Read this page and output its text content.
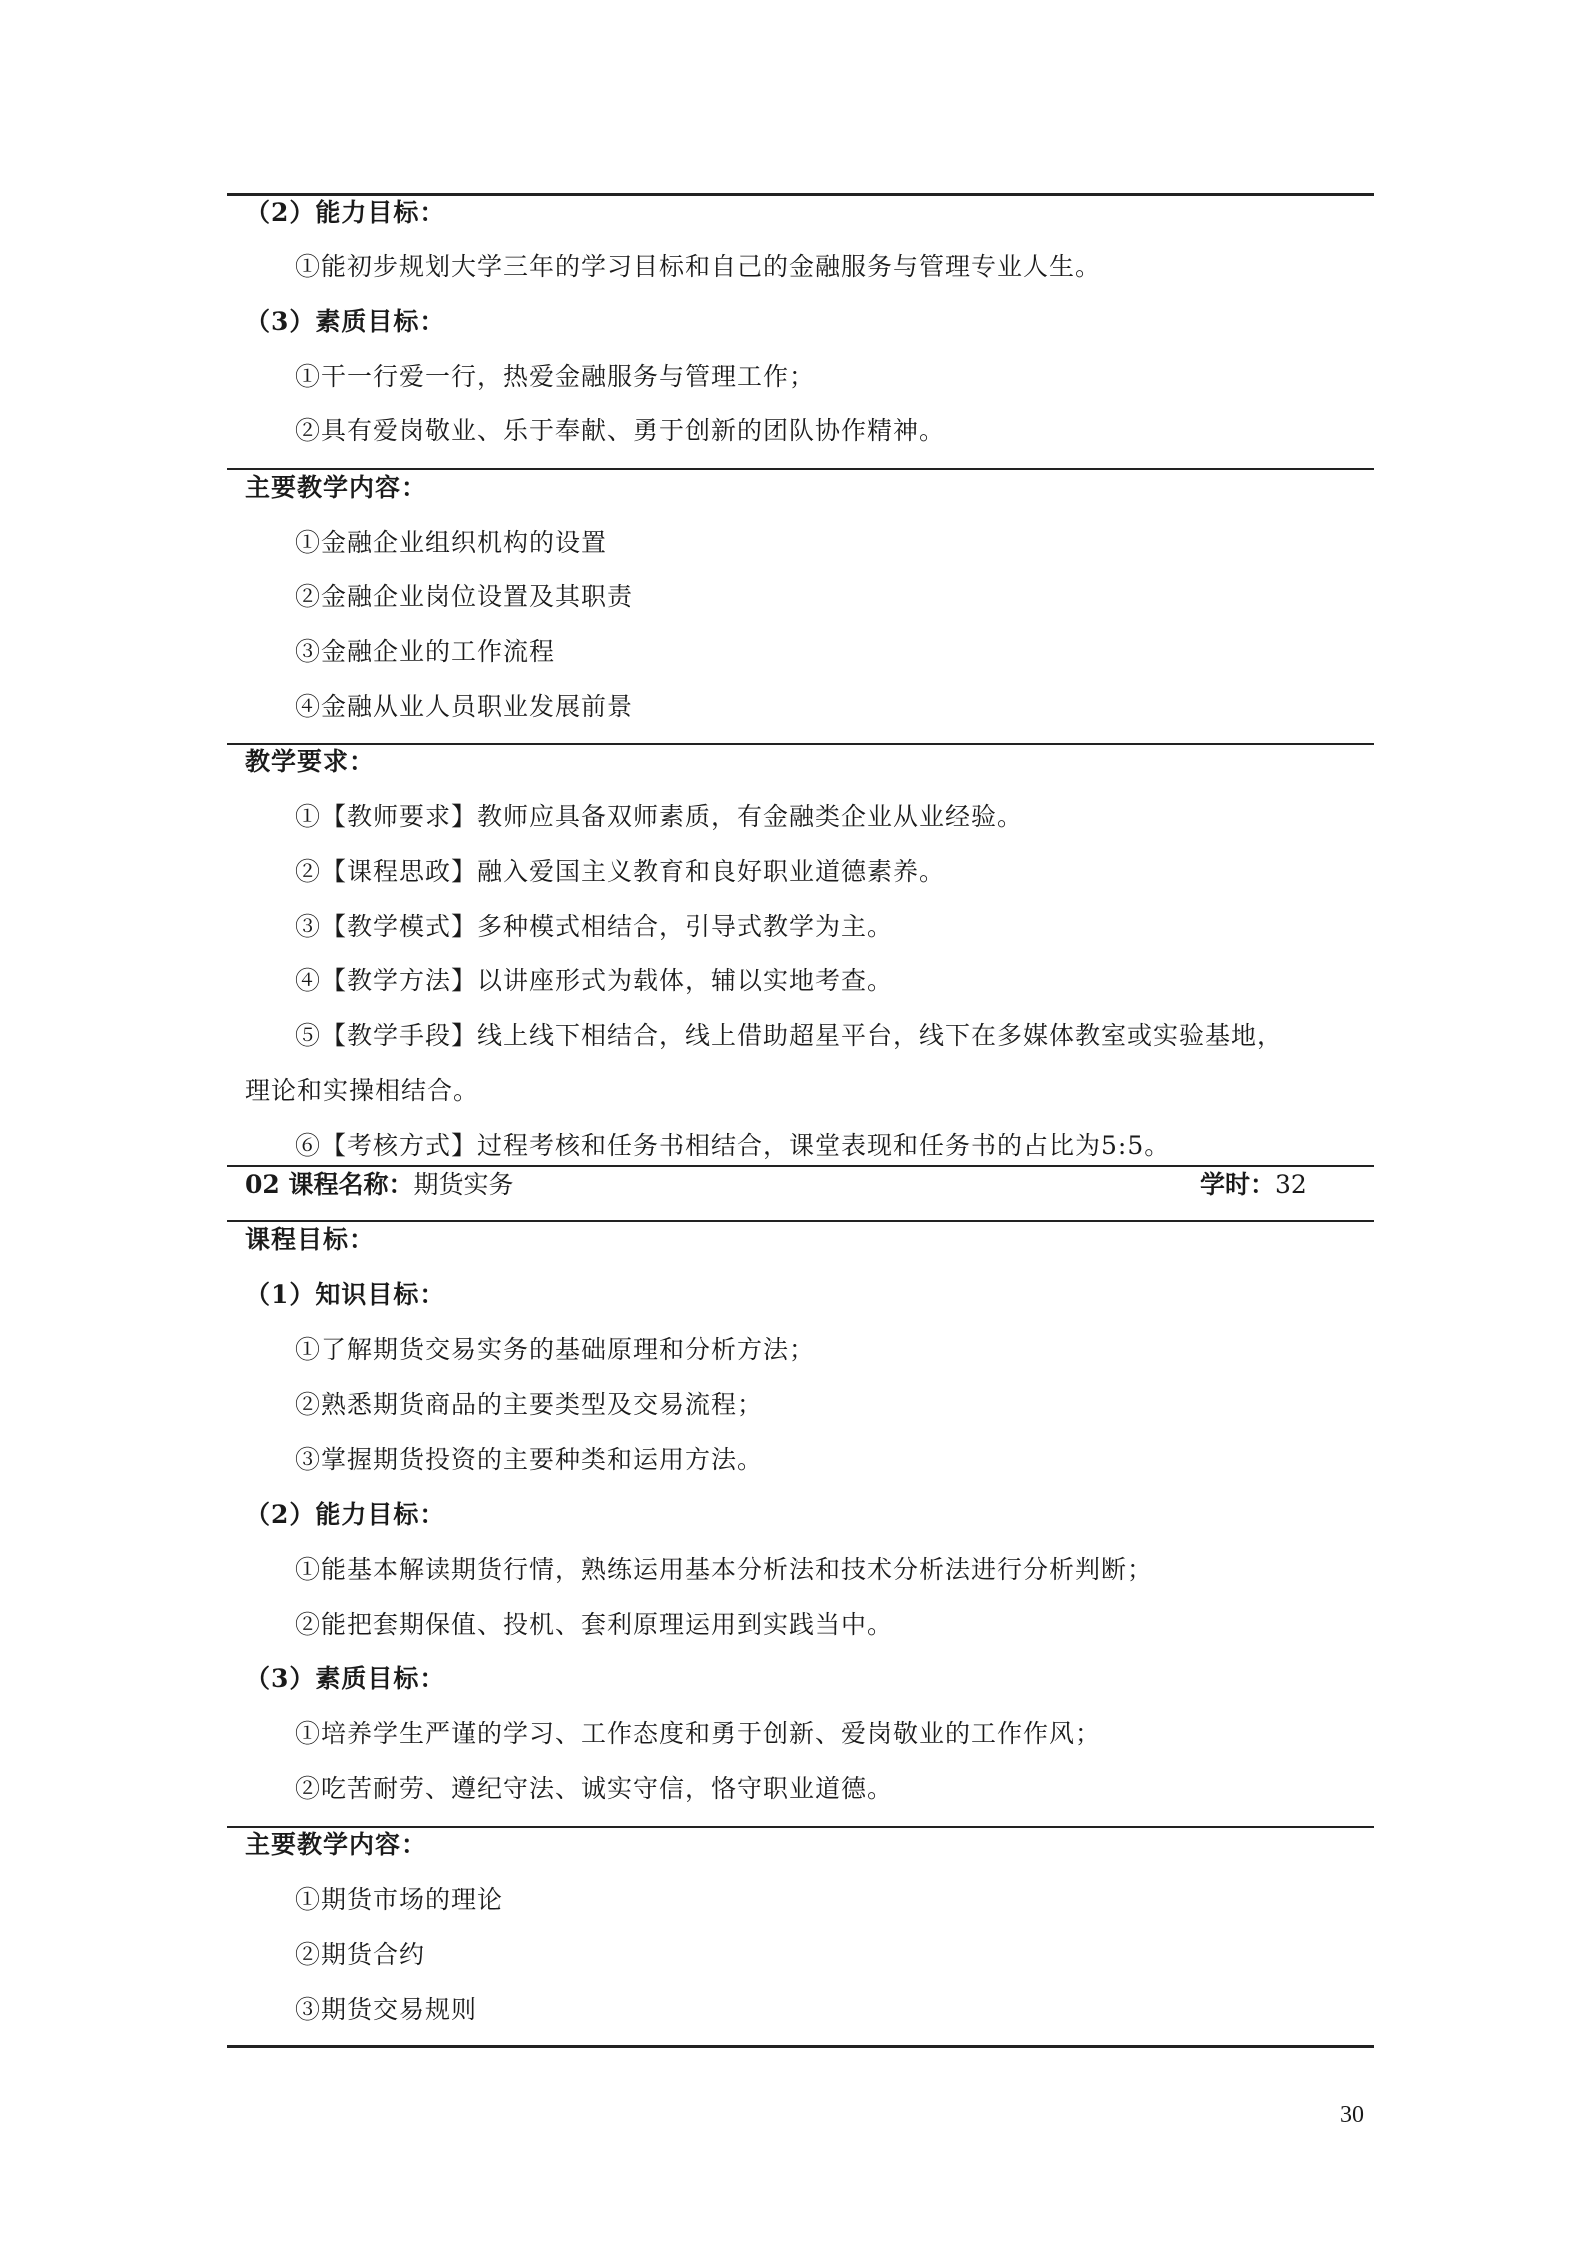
（2）能力目标：
①能初步规划大学三年的学习目标和自己的金融服务与管理专业人生。
（3）素质目标：
①干一行爱一行，热爱金融服务与管理工作；
②具有爱岗敬业、乐于奉献、勇于创新的团队协作精神。
主要教学内容：
①金融企业组织机构的设置
②金融企业岗位设置及其职责
③金融企业的工作流程
④金融从业人员职业发展前景
教学要求：
①【教师要求】教师应具备双师素质，有金融类企业从业经验。
②【课程思政】融入爱国主义教育和良好职业道德素养。
③【教学模式】多种模式相结合，引导式教学为主。
④【教学方法】以讲座形式为载体，辅以实地考查。
⑤【教学手段】线上线下相结合，线上借助超星平台，线下在多媒体教室或实验基地，
理论和实操相结合。
⑥【考核方式】过程考核和任务书相结合，课堂表现和任务书的占比为5:5。
02 课程名称：期货实务	学时：32
课程目标：
（1）知识目标：
①了解期货交易实务的基础原理和分析方法；
②熟悉期货商品的主要类型及交易流程；
③掌握期货投资的主要种类和运用方法。
（2）能力目标：
①能基本解读期货行情，熟练运用基本分析法和技术分析法进行分析判断；
②能把套期保值、投机、套利原理运用到实践当中。
（3）素质目标：
①培养学生严谨的学习、工作态度和勇于创新、爱岗敬业的工作作风；
②吃苦耐劳、遵纪守法、诚实守信，恪守职业道德。
主要教学内容：
①期货市场的理论
②期货合约
③期货交易规则
30
